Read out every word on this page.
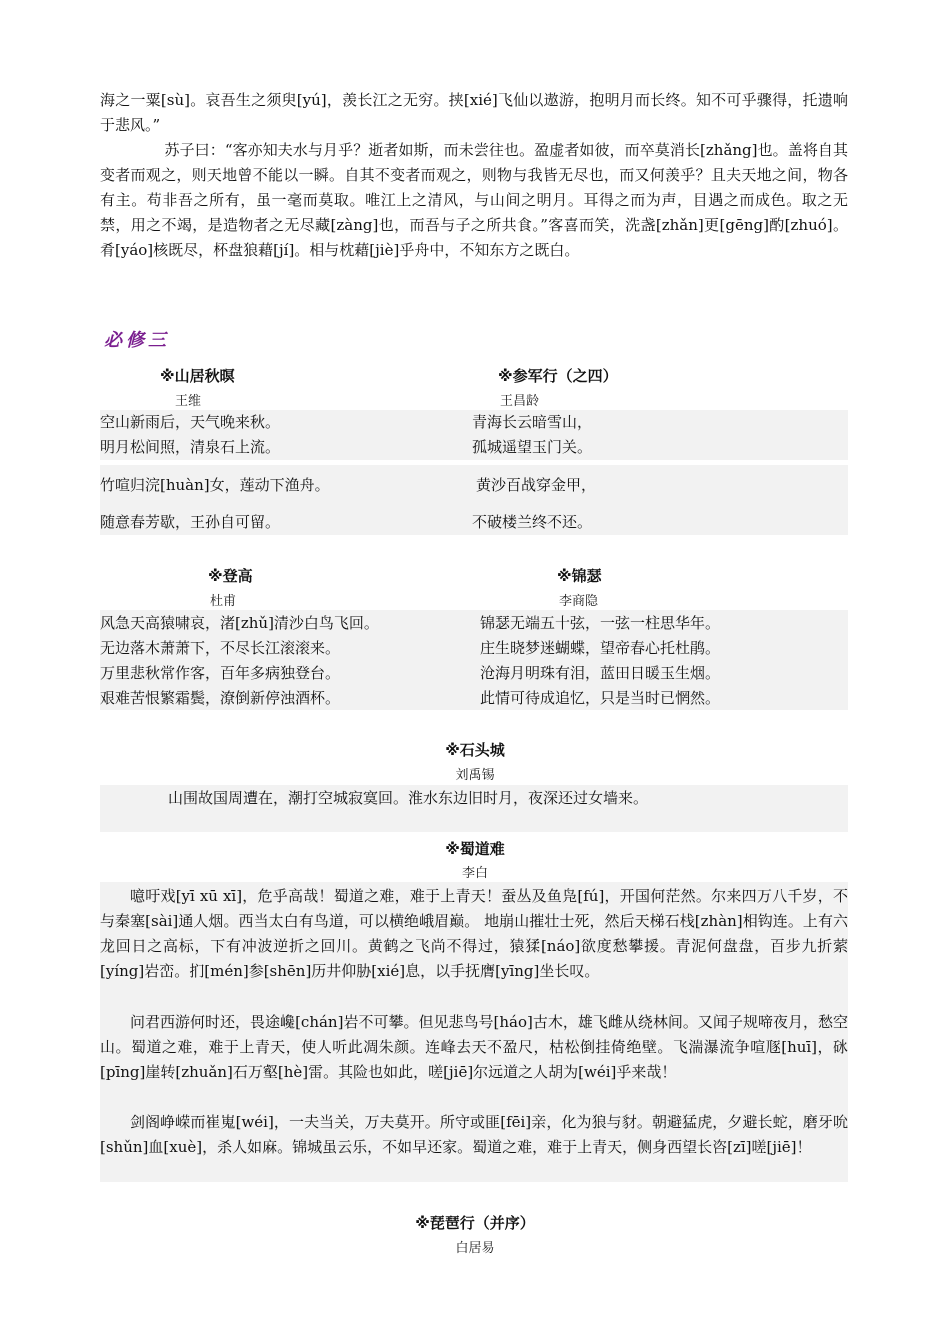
海之一粟[sù]。哀吾生之须臾[yú]，羡长江之无穷。挟[xié]飞仙以遨游，抱明月而长终。知不可乎骤得，托遗响于悲风。”

苏子曰：“客亦知夫水与月乎？逝者如斯，而未尝往也。盈虚者如彼，而卒莫消长[zhǎng]也。盖将自其变者而观之，则天地曾不能以一瞬。自其不变者而观之，则物与我皆无尽也，而又何羡乎？且夫天地之间，物各有主。苟非吾之所有，虽一毫而莫取。唯江上之清风，与山间之明月。耳得之而为声，目遇之而成色。取之无禁，用之不竭，是造物者之无尽藏[zàng]也，而吾与子之所共食。”客喜而笑，洗盏[zhǎn]更[gēng]酌[zhuó]。肴[yáo]核既尽，杯盘狼藉[jí]。相与枕藉[jiè]乎舟中，不知东方之既白。

必修三
※山居秋暝
王维
※参军行（之四）
王昌龄
空山新雨后，天气晚来秋。
明月松间照，清泉石上流。
竹喧归浣[huàn]女，莲动下渔舟。
随意春芳歇，王孙自可留。
青海长云暗雪山，
孤城遥望玉门关。
黄沙百战穿金甲，
不破楼兰终不还。
※登高
杜甫
※锦瑟
李商隐
风急天高猿啸哀，渚[zhǔ]清沙白鸟飞回。
无边落木萧萧下，不尽长江滚滚来。
万里悲秋常作客，百年多病独登台。
艰难苦恨繁霜鬓，潦倒新停浊酒杯。
锦瑟无端五十弦，一弦一柱思华年。
庄生晓梦迷蝴蝶，望帝春心托杜鹃。
沧海月明珠有泪，蓝田日暖玉生烟。
此情可待成追忆，只是当时已惘然。
※石头城
刘禹锡
山围故国周遭在，潮打空城寂寞回。淮水东边旧时月，夜深还过女墙来。
※蜀道难
李白

噫吁戏[yī xū xī]，危乎高哉！蜀道之难，难于上青天！蚕丛及鱼凫[fú]，开国何茫然。尔来四万八千岁，不与秦塞[sài]通人烟。西当太白有鸟道，可以横绝峨眉巅。 地崩山摧壮士死，然后天梯石栈[zhàn]相钩连。上有六龙回日之高标，下有冲波逆折之回川。黄鹤之飞尚不得过，猿猱[náo]欲度愁攀援。青泥何盘盘，百步九折萦[yíng]岩峦。扪[mén]参[shēn]历井仰胁[xié]息，以手抚膺[yīng]坐长叹。

问君西游何时还，畏途巉[chán]岩不可攀。但见悲鸟号[háo]古木，雄飞雌从绕林间。又闻子规啼夜月，愁空山。蜀道之难，难于上青天，使人听此凋朱颜。连峰去天不盈尺，枯松倒挂倚绝壁。飞湍瀑流争喧豗[huī]，砯[pīng]崖转[zhuǎn]石万壑[hè]雷。其险也如此，嗟[jiē]尔远道之人胡为[wéi]乎来哉！

剑阁峥嵘而崔嵬[wéi]，一夫当关，万夫莫开。所守或匪[fēi]亲，化为狼与豺。朝避猛虎，夕避长蛇，磨牙吮[shǔn]血[xuè]，杀人如麻。锦城虽云乐，不如早还家。蜀道之难，难于上青天，侧身西望长咨[zī]嗟[jiē]！

※琵琶行（并序）
白居易
